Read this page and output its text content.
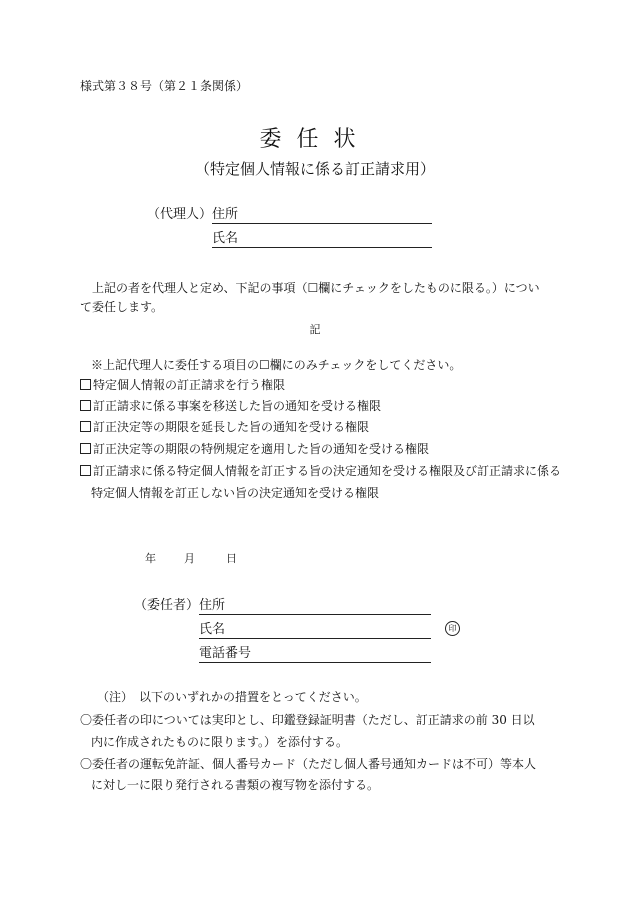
様式第３８号（第２１条関係）
委任状
（特定個人情報に係る訂正請求用）
（代理人） 住所
氏名
上記の者を代理人と定め、下記の事項（☐欄にチェックをしたものに限る。）について委任します。
記
※上記代理人に委任する項目の☐欄にのみチェックをしてください。
特定個人情報の訂正請求を行う権限
訂正請求に係る事案を移送した旨の通知を受ける権限
訂正決定等の期限を延長した旨の通知を受ける権限
訂正決定等の期限の特例規定を適用した旨の通知を受ける権限
訂正請求に係る特定個人情報を訂正する旨の決定通知を受ける権限及び訂正請求に係る
特定個人情報を訂正しない旨の決定通知を受ける権限
年	月	日
（委任者） 住所
氏名
電話番号
印
（注）　以下のいずれかの措置をとってください。
〇委任者の印については実印とし、印鑑登録証明書（ただし、訂正請求の前 30 日以
内に作成されたものに限ります。）を添付する。
〇委任者の運転免許証、個人番号カード（ただし個人番号通知カードは不可）等本人
に対し一に限り発行される書類の複写物を添付する。
